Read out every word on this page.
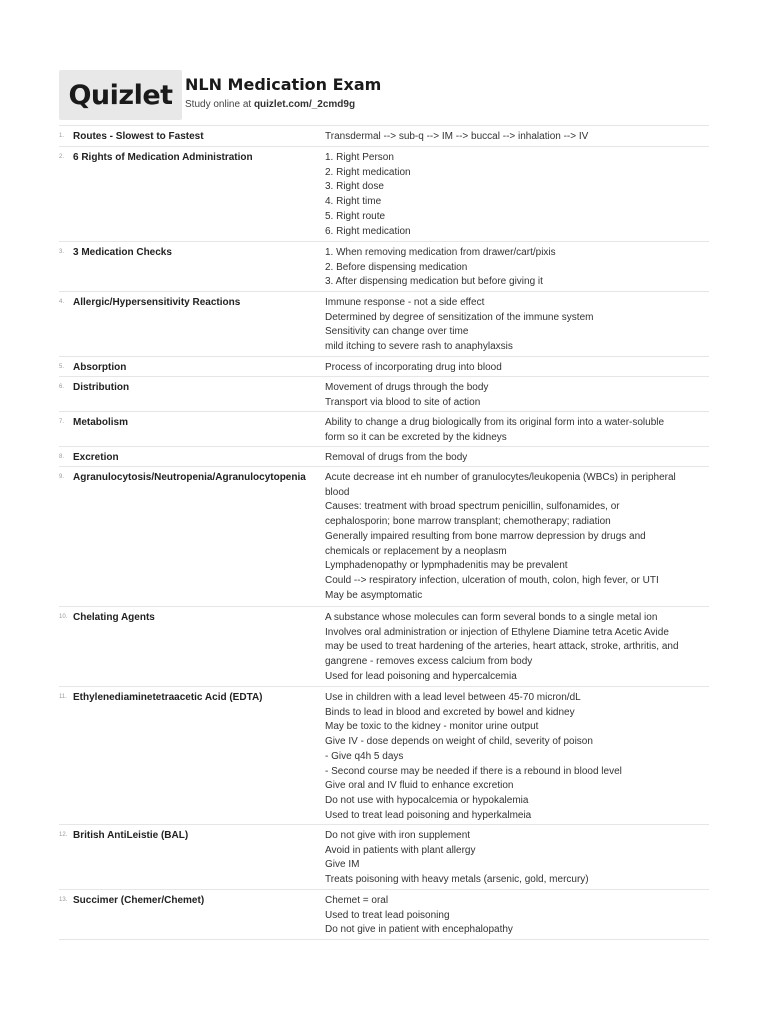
Quizlet NLN Medication Exam
Study online at quizlet.com/_2cmd9g
1. Routes - Slowest to Fastest	Transdermal --> sub-q --> IM --> buccal --> inhalation --> IV
2. 6 Rights of Medication Administration	1. Right Person
2. Right medication
3. Right dose
4. Right time
5. Right route
6. Right medication
3. 3 Medication Checks	1. When removing medication from drawer/cart/pixis
2. Before dispensing medication
3. After dispensing medication but before giving it
4. Allergic/Hypersensitivity Reactions	Immune response - not a side effect
Determined by degree of sensitization of the immune system
Sensitivity can change over time
mild itching to severe rash to anaphylaxsis
5. Absorption	Process of incorporating drug into blood
6. Distribution	Movement of drugs through the body
Transport via blood to site of action
7. Metabolism	Ability to change a drug biologically from its original form into a water-soluble
form so it can be excreted by the kidneys
8. Excretion	Removal of drugs from the body
9. Agranulocytosis/Neutropenia/Agranulocytopenia	Acute decrease int eh number of granulocytes/leukopenia (WBCs) in peripheral
blood
Causes: treatment with broad spectrum penicillin, sulfonamides, or
cephalosporin; bone marrow transplant; chemotherapy; radiation
Generally impaired resulting from bone marrow depression by drugs and
chemicals or replacement by a neoplasm
Lymphadenopathy or lypmphadenitis may be prevalent
Could --> respiratory infection, ulceration of mouth, colon, high fever, or UTI
May be asymptomatic
10. Chelating Agents	A substance whose molecules can form several bonds to a single metal ion
Involves oral administration or injection of Ethylene Diamine tetra Acetic Avide
may be used to treat hardening of the arteries, heart attack, stroke, arthritis, and
gangrene - removes excess calcium from body
Used for lead poisoning and hypercalcemia
11. Ethylenediaminetetraacetic Acid (EDTA)	Use in children with a lead level between 45-70 micron/dL
Binds to lead in blood and excreted by bowel and kidney
May be toxic to the kidney - monitor urine output
Give IV - dose depends on weight of child, severity of poison
- Give q4h 5 days
- Second course may be needed if there is a rebound in blood level
Give oral and IV fluid to enhance excretion
Do not use with hypocalcemia or hypokalemia
Used to treat lead poisoning and hyperkalmeia
12. British AntiLeistie (BAL)	Do not give with iron supplement
Avoid in patients with plant allergy
Give IM
Treats poisoning with heavy metals (arsenic, gold, mercury)
13. Succimer (Chemer/Chemet)	Chemet = oral
Used to treat lead poisoning
Do not give in patient with encephalopathy
